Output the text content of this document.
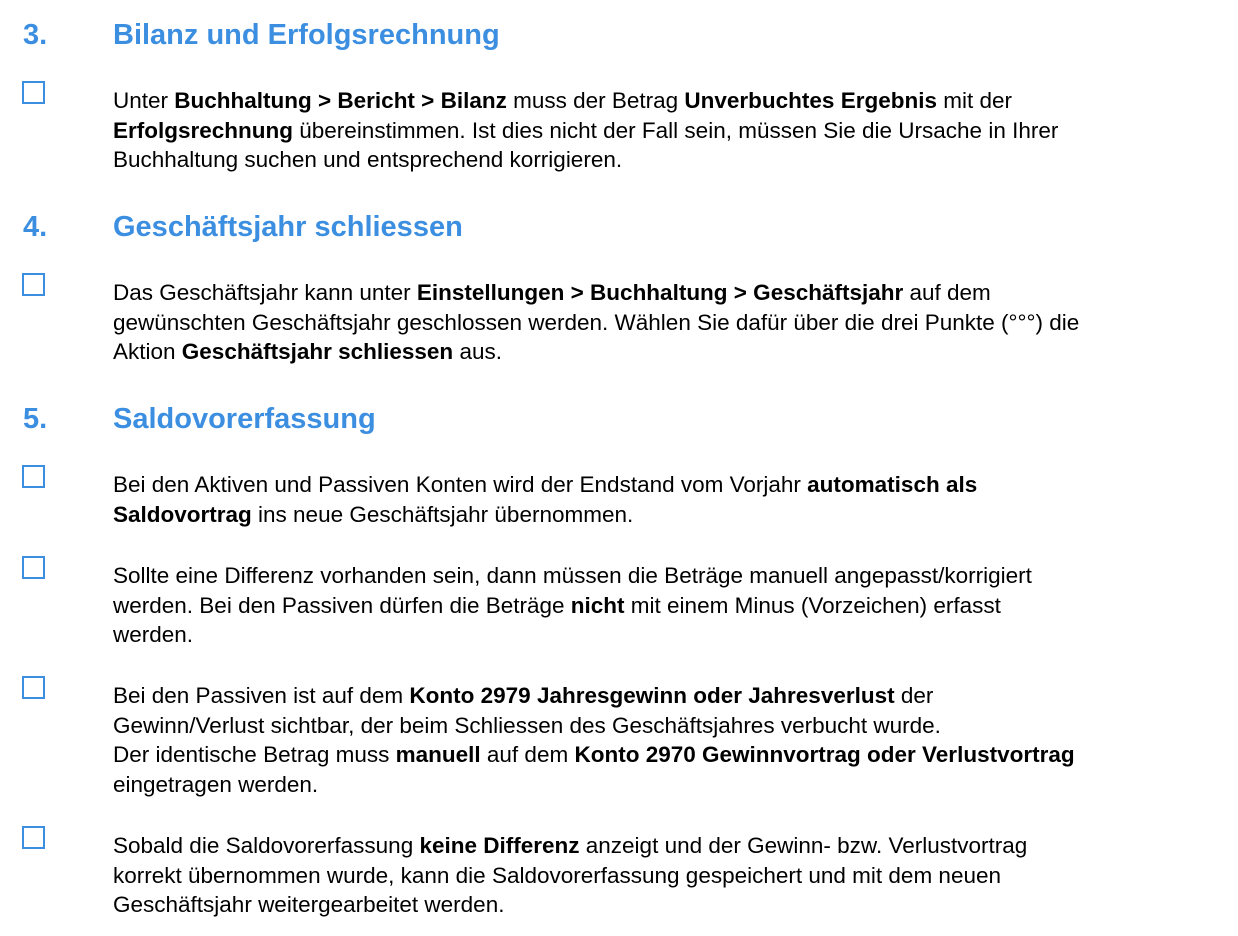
3. Bilanz und Erfolgsrechnung
Unter Buchhaltung > Bericht > Bilanz muss der Betrag Unverbuchtes Ergebnis mit der
Erfolgsrechnung übereinstimmen. Ist dies nicht der Fall sein, müssen Sie die Ursache in Ihrer
Buchhaltung suchen und entsprechend korrigieren.
4. Geschäftsjahr schliessen
Das Geschäftsjahr kann unter Einstellungen > Buchhaltung > Geschäftsjahr auf dem
gewünschten Geschäftsjahr geschlossen werden. Wählen Sie dafür über die drei Punkte (°°°) die
Aktion Geschäftsjahr schliessen aus.
5. Saldovorerfassung
Bei den Aktiven und Passiven Konten wird der Endstand vom Vorjahr automatisch als
Saldovortrag ins neue Geschäftsjahr übernommen.
Sollte eine Differenz vorhanden sein, dann müssen die Beträge manuell angepasst/korrigiert
werden. Bei den Passiven dürfen die Beträge nicht mit einem Minus (Vorzeichen) erfasst
werden.
Bei den Passiven ist auf dem Konto 2979 Jahresgewinn oder Jahresverlust der
Gewinn/Verlust sichtbar, der beim Schliessen des Geschäftsjahres verbucht wurde.
Der identische Betrag muss manuell auf dem Konto 2970 Gewinnvortrag oder Verlustvortrag
eingetragen werden.
Sobald die Saldovorerfassung keine Differenz anzeigt und der Gewinn- bzw. Verlustvortrag
korrekt übernommen wurde, kann die Saldovorerfassung gespeichert und mit dem neuen
Geschäftsjahr weitergearbeitet werden.
